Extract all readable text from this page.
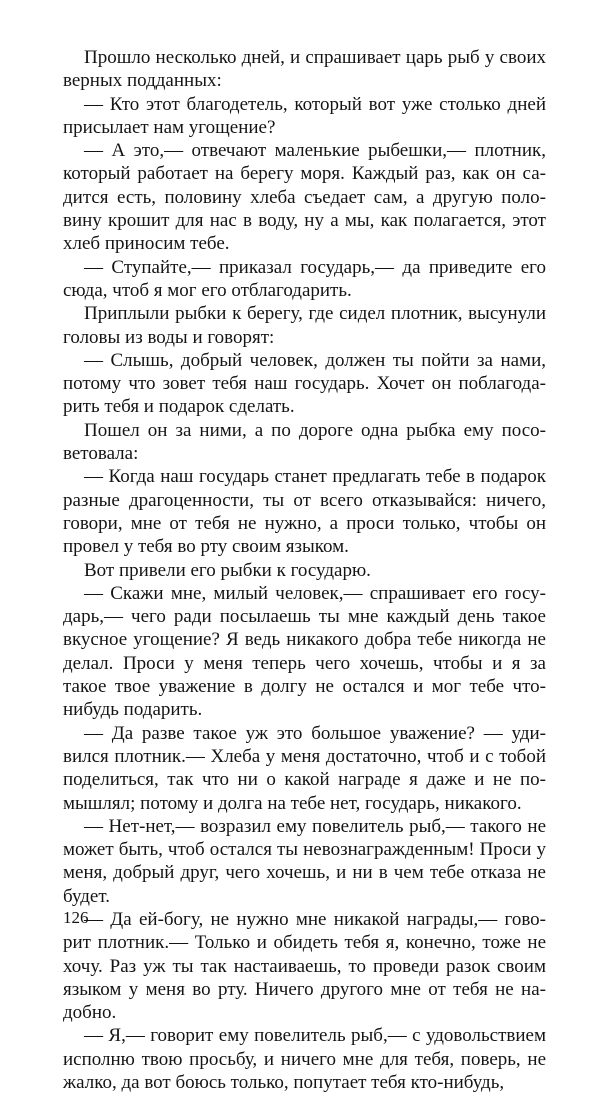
Прошло несколько дней, и спрашивает царь рыб у своих верных подданных:

— Кто этот благодетель, который вот уже столько дней присылает нам угощение?

— А это,— отвечают маленькие рыбешки,— плотник, который работает на берегу моря. Каждый раз, как он садится есть, половину хлеба съедает сам, а другую половину крошит для нас в воду, ну а мы, как полагается, этот хлеб приносим тебе.

— Ступайте,— приказал государь,— да приведите его сюда, чтоб я мог его отблагодарить.

Приплыли рыбки к берегу, где сидел плотник, высунули головы из воды и говорят:

— Слышь, добрый человек, должен ты пойти за нами, потому что зовет тебя наш государь. Хочет он поблагодарить тебя и подарок сделать.

Пошел он за ними, а по дороге одна рыбка ему посоветовала:

— Когда наш государь станет предлагать тебе в подарок разные драгоценности, ты от всего отказывайся: ничего, говори, мне от тебя не нужно, а проси только, чтобы он провел у тебя во рту своим языком.

Вот привели его рыбки к государю.

— Скажи мне, милый человек,— спрашивает его государь,— чего ради посылаешь ты мне каждый день такое вкусное угощение? Я ведь никакого добра тебе никогда не делал. Проси у меня теперь чего хочешь, чтобы и я за такое твое уважение в долгу не остался и мог тебе чтонибудь подарить.

— Да разве такое уж это большое уважение? — удивился плотник.— Хлеба у меня достаточно, чтоб и с тобой поделиться, так что ни о какой награде я даже и не помышлял; потому и долга на тебе нет, государь, никакого.

— Нет-нет,— возразил ему повелитель рыб,— такого не может быть, чтоб остался ты невознагражденным! Проси у меня, добрый друг, чего хочешь, и ни в чем тебе отказа не будет.

— Да ей-богу, не нужно мне никакой награды,— говорит плотник.— Только и обидеть тебя я, конечно, тоже не хочу. Раз уж ты так настаиваешь, то проведи разок своим языком у меня во рту. Ничего другого мне от тебя не надобно.

— Я,— говорит ему повелитель рыб,— с удовольствием исполню твою просьбу, и ничего мне для тебя, поверь, не жалко, да вот боюсь только, попутает тебя кто-нибудь,

126
